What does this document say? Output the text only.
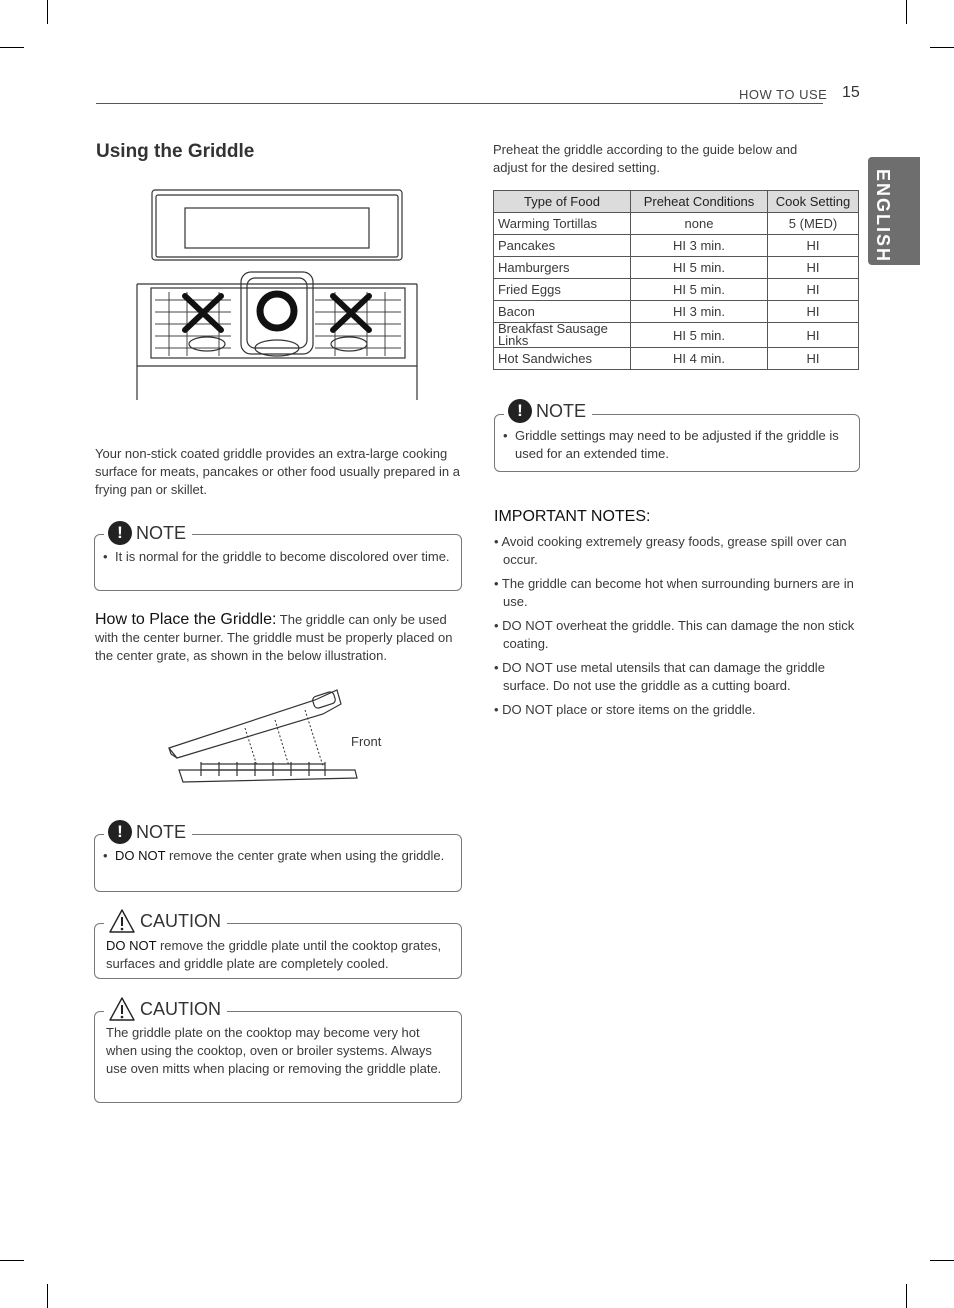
HOW TO USE 15
ENGLISH
Using the Griddle
Your non-stick coated griddle provides an extra-large cooking surface for meats, pancakes or other food usually prepared in a frying pan or skillet.
! NOTE
• It is normal for the griddle to become discolored over time.
How to Place the Griddle: The griddle can only be used with the center burner. The griddle must be properly placed on the center grate, as shown in the below illustration.
Front
! NOTE
• DO NOT remove the center grate when using the griddle.
CAUTION
DO NOT remove the griddle plate until the cooktop grates, surfaces and griddle plate are completely cooled.
CAUTION
The griddle plate on the cooktop may become very hot when using the cooktop, oven or broiler systems. Always use oven mitts when placing or removing the griddle plate.
Preheat the griddle according to the guide below and adjust for the desired setting.
Type of Food	Preheat Conditions	Cook Setting
Warming Tortillas	none	5 (MED)
Pancakes	HI 3 min.	HI
Hamburgers	HI 5 min.	HI
Fried Eggs	HI 5 min.	HI
Bacon	HI 3 min.	HI
Breakfast Sausage Links	HI 5 min.	HI
Hot Sandwiches	HI 4 min.	HI
! NOTE
• Griddle settings may need to be adjusted if the griddle is used for an extended time.
IMPORTANT NOTES:
• Avoid cooking extremely greasy foods, grease spill over can occur.
• The griddle can become hot when surrounding burners are in use.
• DO NOT overheat the griddle. This can damage the non stick coating.
• DO NOT use metal utensils that can damage the griddle surface. Do not use the griddle as a cutting board.
• DO NOT place or store items on the griddle.
